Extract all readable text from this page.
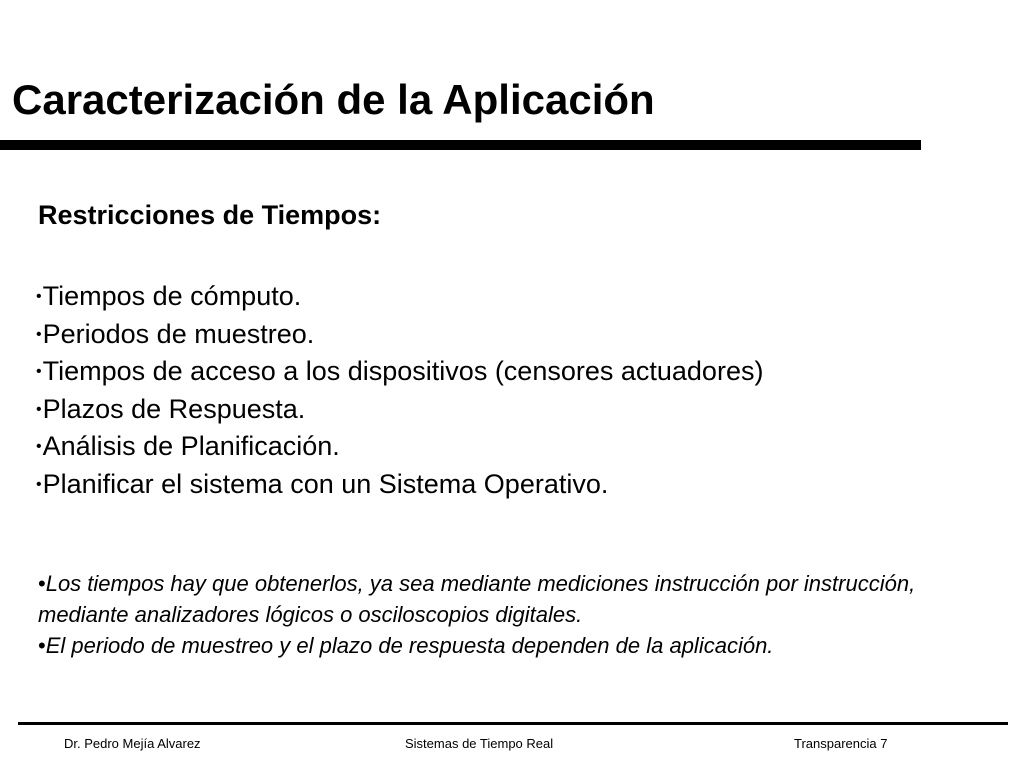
Caracterización de la Aplicación
Restricciones de Tiempos:
•Tiempos de cómputo.
•Periodos de muestreo.
•Tiempos de acceso a los dispositivos (censores actuadores)
•Plazos de Respuesta.
•Análisis de Planificación.
•Planificar el sistema con un Sistema Operativo.
•Los tiempos hay que obtenerlos, ya sea mediante mediciones instrucción por instrucción, mediante analizadores lógicos o osciloscopios digitales.
•El periodo de muestreo y el plazo de respuesta dependen de la aplicación.
Dr. Pedro Mejía Alvarez	Sistemas de Tiempo Real	Transparencia 7
